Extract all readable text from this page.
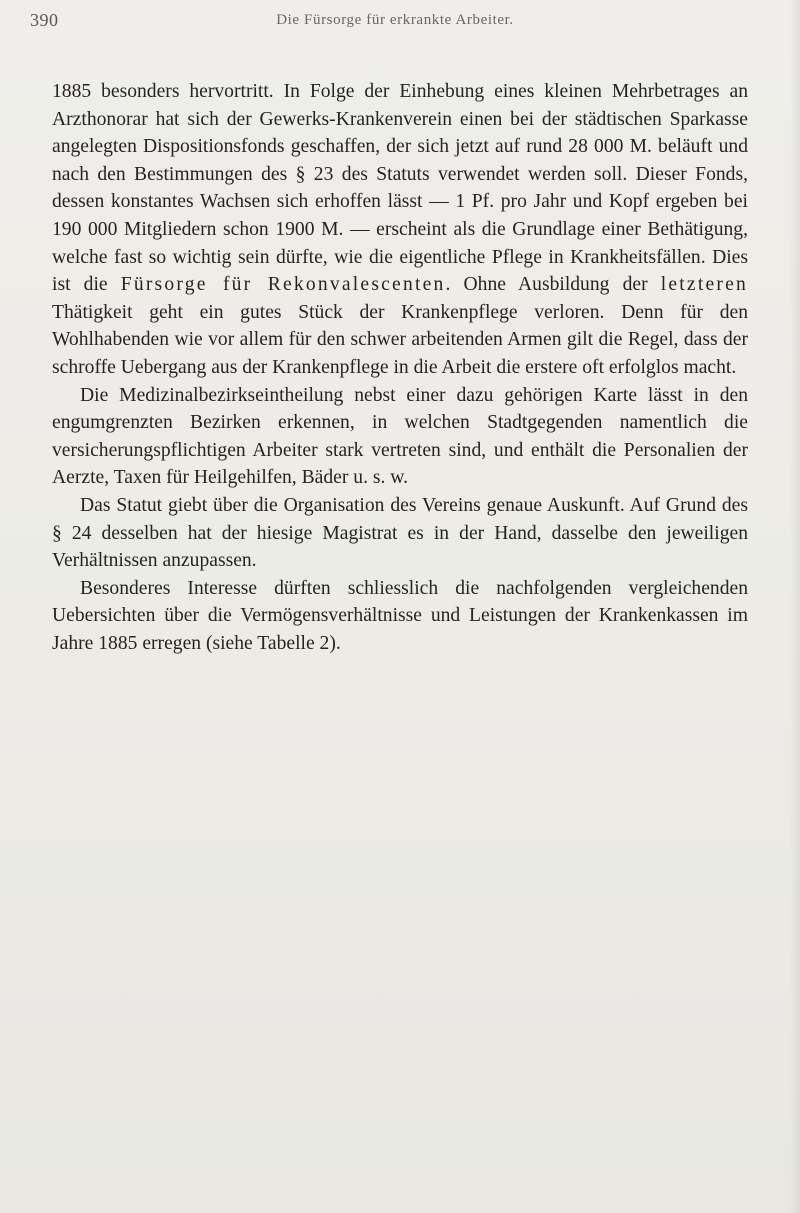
390	Die Fürsorge für erkrankte Arbeiter.

1885 besonders hervortritt. In Folge der Einhebung eines kleinen Mehrbetrages an Arzthonorar hat sich der Gewerks-Krankenverein einen bei der städtischen Sparkasse angelegten Dispositionsfonds geschaffen, der sich jetzt auf rund 28 000 M. beläuft und nach den Bestimmungen des § 23 des Statuts verwendet werden soll. Dieser Fonds, dessen konstantes Wachsen sich erhoffen lässt — 1 Pf. pro Jahr und Kopf ergeben bei 190 000 Mitgliedern schon 1900 M. — erscheint als die Grundlage einer Bethätigung, welche fast so wichtig sein dürfte, wie die eigentliche Pflege in Krankheitsfällen. Dies ist die Fürsorge für Rekonvalescenten. Ohne Ausbildung der letzteren Thätigkeit geht ein gutes Stück der Krankenpflege verloren. Denn für den Wohlhabenden wie vor allem für den schwer arbeitenden Armen gilt die Regel, dass der schroffe Uebergang aus der Krankenpflege in die Arbeit die erstere oft erfolglos macht.

Die Medizinalbezirkseintheilung nebst einer dazu gehörigen Karte lässt in den engumgrenzten Bezirken erkennen, in welchen Stadtgegenden namentlich die versicherungspflichtigen Arbeiter stark vertreten sind, und enthält die Personalien der Aerzte, Taxen für Heilgehilfen, Bäder u. s. w.

Das Statut giebt über die Organisation des Vereins genaue Auskunft. Auf Grund des § 24 desselben hat der hiesige Magistrat es in der Hand, dasselbe den jeweiligen Verhältnissen anzupassen.

Besonderes Interesse dürften schliesslich die nachfolgenden vergleichenden Uebersichten über die Vermögensverhältnisse und Leistungen der Krankenkassen im Jahre 1885 erregen (siehe Tabelle 2).
